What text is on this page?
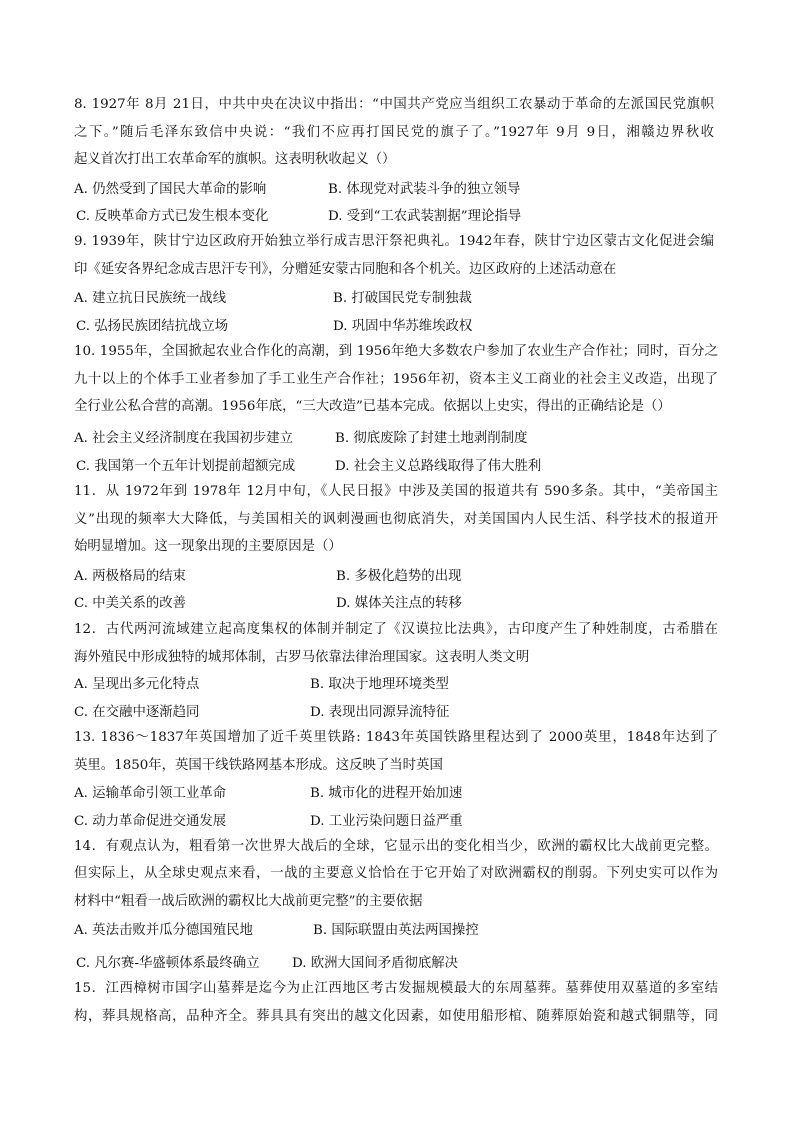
8. 1927年 8月 21日，中共中央在决议中指出：“中国共产党应当组织工农暴动于革命的左派国民党旗帜
之下。”随后毛泽东致信中央说：“我们不应再打国民党的旗子了。”1927年 9月 9日，湘赣边界秋收
起义首次打出工农革命军的旗帜。这表明秋收起义（）
A. 仍然受到了国民大革命的影响	B. 体现党对武装斗争的独立领导
C. 反映革命方式已发生根本变化	D. 受到“工农武装割据”理论指导
9. 1939年，陕甘宁边区政府开始独立举行成吉思汗祭祀典礼。1942年春，陕甘宁边区蒙古文化促进会编
印《延安各界纪念成吉思汗专刊》，分赠延安蒙古同胞和各个机关。边区政府的上述活动意在
A. 建立抗日民族统一战线	B. 打破国民党专制独裁
C. 弘扬民族团结抗战立场	D. 巩固中华苏维埃政权
10. 1955年，全国掀起农业合作化的高潮，到 1956年绝大多数农户参加了农业生产合作社；同时，百分之
九十以上的个体手工业者参加了手工业生产合作社；1956年初，资本主义工商业的社会主义改造，出现了
全行业公私合营的高潮。1956年底，“三大改造”已基本完成。依据以上史实，得出的正确结论是（）
A. 社会主义经济制度在我国初步建立	B. 彻底废除了封建土地剥削制度
C. 我国第一个五年计划提前超额完成	D. 社会主义总路线取得了伟大胜利
11．从 1972年到 1978年 12月中旬，《人民日报》中涉及美国的报道共有 590多条。其中，“美帝国主
义”出现的频率大大降低，与美国相关的讽刺漫画也彻底消失，对美国国内人民生活、科学技术的报道开
始明显增加。这一现象出现的主要原因是（）
A. 两极格局的结束	B. 多极化趋势的出现
C. 中美关系的改善	D. 媒体关注点的转移
12．古代两河流域建立起高度集权的体制并制定了《汉谟拉比法典》，古印度产生了种姓制度，古希腊在
海外殖民中形成独特的城邦体制，古罗马依靠法律治理国家。这表明人类文明
A. 呈现出多元化特点	B. 取决于地理环境类型
C. 在交融中逐渐趋同	D. 表现出同源异流特征
13. 1836～1837年英国增加了近千英里铁路: 1843年英国铁路里程达到了 2000英里，1848年达到了
英里。1850年，英国干线铁路网基本形成。这反映了当时英国
A. 运输革命引领工业革命	B. 城市化的进程开始加速
C. 动力革命促进交通发展	D. 工业污染问题日益严重
14．有观点认为，粗看第一次世界大战后的全球，它显示出的变化相当少，欧洲的霸权比大战前更完整。
但实际上，从全球史观点来看，一战的主要意义恰恰在于它开始了对欧洲霸权的削弱。下列史实可以作为
材料中“粗看一战后欧洲的霸权比大战前更完整”的主要依据
A. 英法击败并瓜分德国殖民地	B. 国际联盟由英法两国操控
C. 凡尔赛-华盛顿体系最终确立 D. 欧洲大国间矛盾彻底解决
15．江西樟树市国字山墓葬是迄今为止江西地区考古发掘规模最大的东周墓葬。墓葬使用双墓道的多室结
构，葬具规格高，品种齐全。葬具具有突出的越文化因素，如使用船形棺、随葬原始瓷和越式铜鼎等，同
